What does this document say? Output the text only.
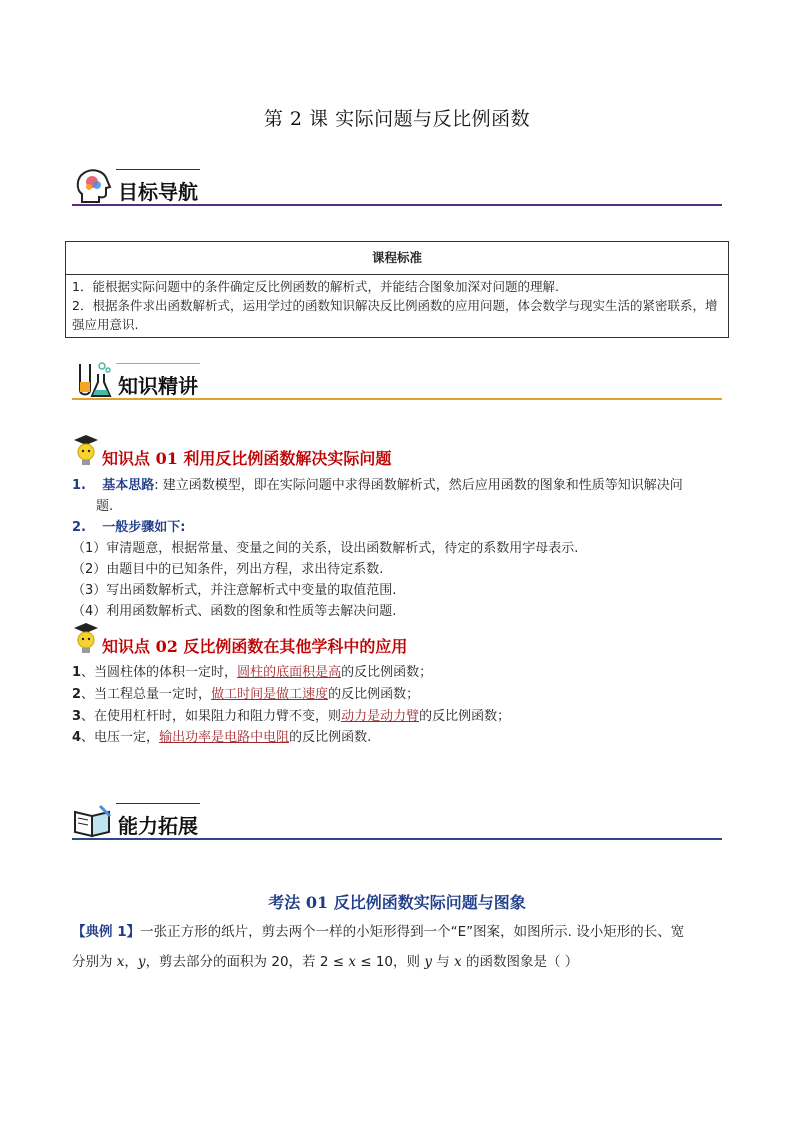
第 2 课 实际问题与反比例函数
目标导航
课程标准

1．能根据实际问题中的条件确定反比例函数的解析式，并能结合图象加深对问题的理解.
2．根据条件求出函数解析式，运用学过的函数知识解决反比例函数的应用问题，体会数学与现实生活的紧密联系，增强应用意识.
知识精讲
知识点 01 利用反比例函数解决实际问题
1. 基本思路: 建立函数模型，即在实际问题中求得函数解析式，然后应用函数的图象和性质等知识解决问
题.
2. 一般步骤如下:
（1）审清题意，根据常量、变量之间的关系，设出函数解析式，待定的系数用字母表示.
（2）由题目中的已知条件，列出方程，求出待定系数.
（3）写出函数解析式，并注意解析式中变量的取值范围.
（4）利用函数解析式、函数的图象和性质等去解决问题.
知识点 02 反比例函数在其他学科中的应用
1、当圆柱体的体积一定时，圆柱的底面积是高的反比例函数；
2、当工程总量一定时，做工时间是做工速度的反比例函数；
3、在使用杠杆时，如果阻力和阻力臂不变，则动力是动力臂的反比例函数；
4、电压一定，输出功率是电路中电阻的反比例函数.
能力拓展
考法 01 反比例函数实际问题与图象
【典例 1】一张正方形的纸片，剪去两个一样的小矩形得到一个“E”图案，如图所示. 设小矩形的长、宽
分别为 x，y，剪去部分的面积为 20，若 2 ≤ x ≤ 10，则 y 与 x 的函数图象是（ ）
